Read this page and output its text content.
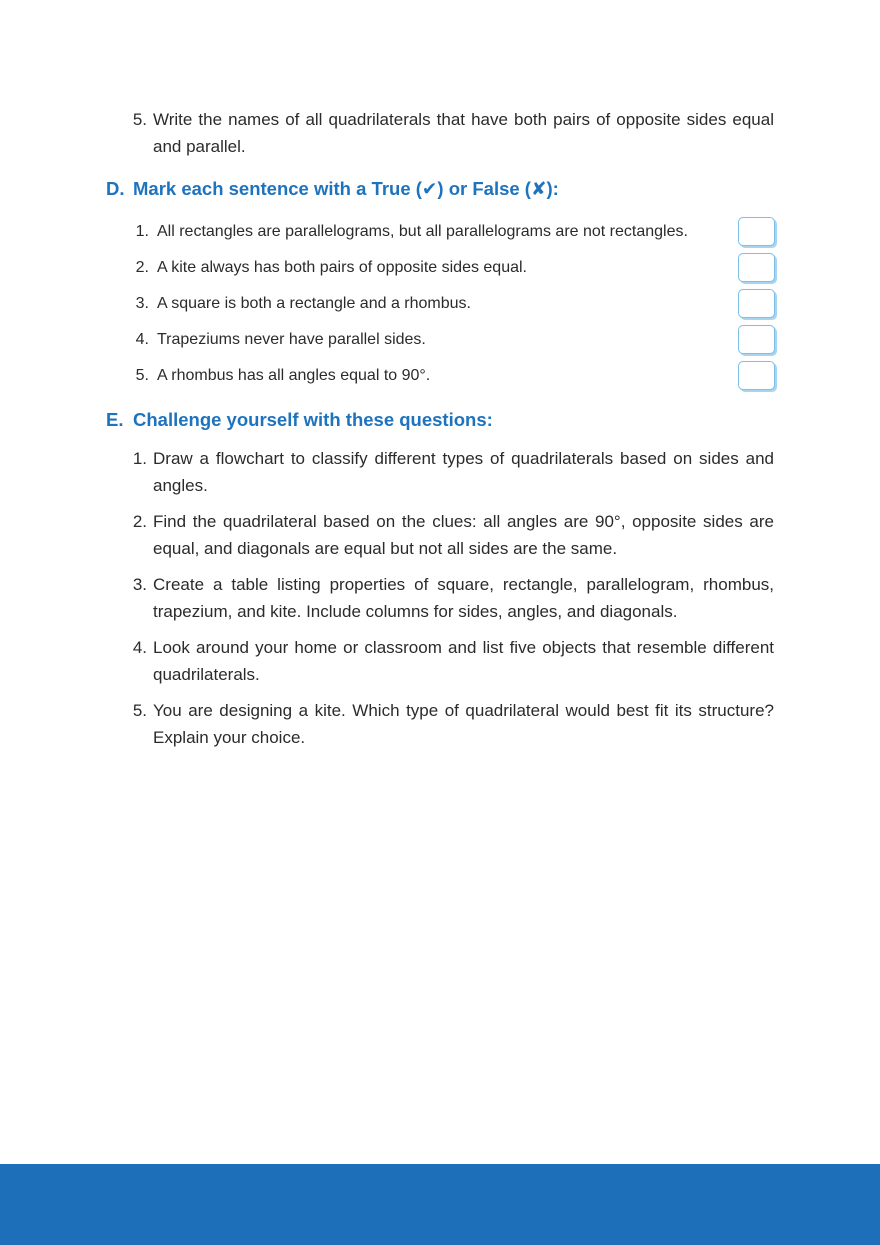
5. Write the names of all quadrilaterals that have both pairs of opposite sides equal and parallel.
D. Mark each sentence with a True (✔) or False (✘):
1. All rectangles are parallelograms, but all parallelograms are not rectangles.
2. A kite always has both pairs of opposite sides equal.
3. A square is both a rectangle and a rhombus.
4. Trapeziums never have parallel sides.
5. A rhombus has all angles equal to 90°.
E. Challenge yourself with these questions:
1. Draw a flowchart to classify different types of quadrilaterals based on sides and angles.
2. Find the quadrilateral based on the clues: all angles are 90°, opposite sides are equal, and diagonals are equal but not all sides are the same.
3. Create a table listing properties of square, rectangle, parallelogram, rhombus, trapezium, and kite. Include columns for sides, angles, and diagonals.
4. Look around your home or classroom and list five objects that resemble different quadrilaterals.
5. You are designing a kite. Which type of quadrilateral would best fit its structure? Explain your choice.
